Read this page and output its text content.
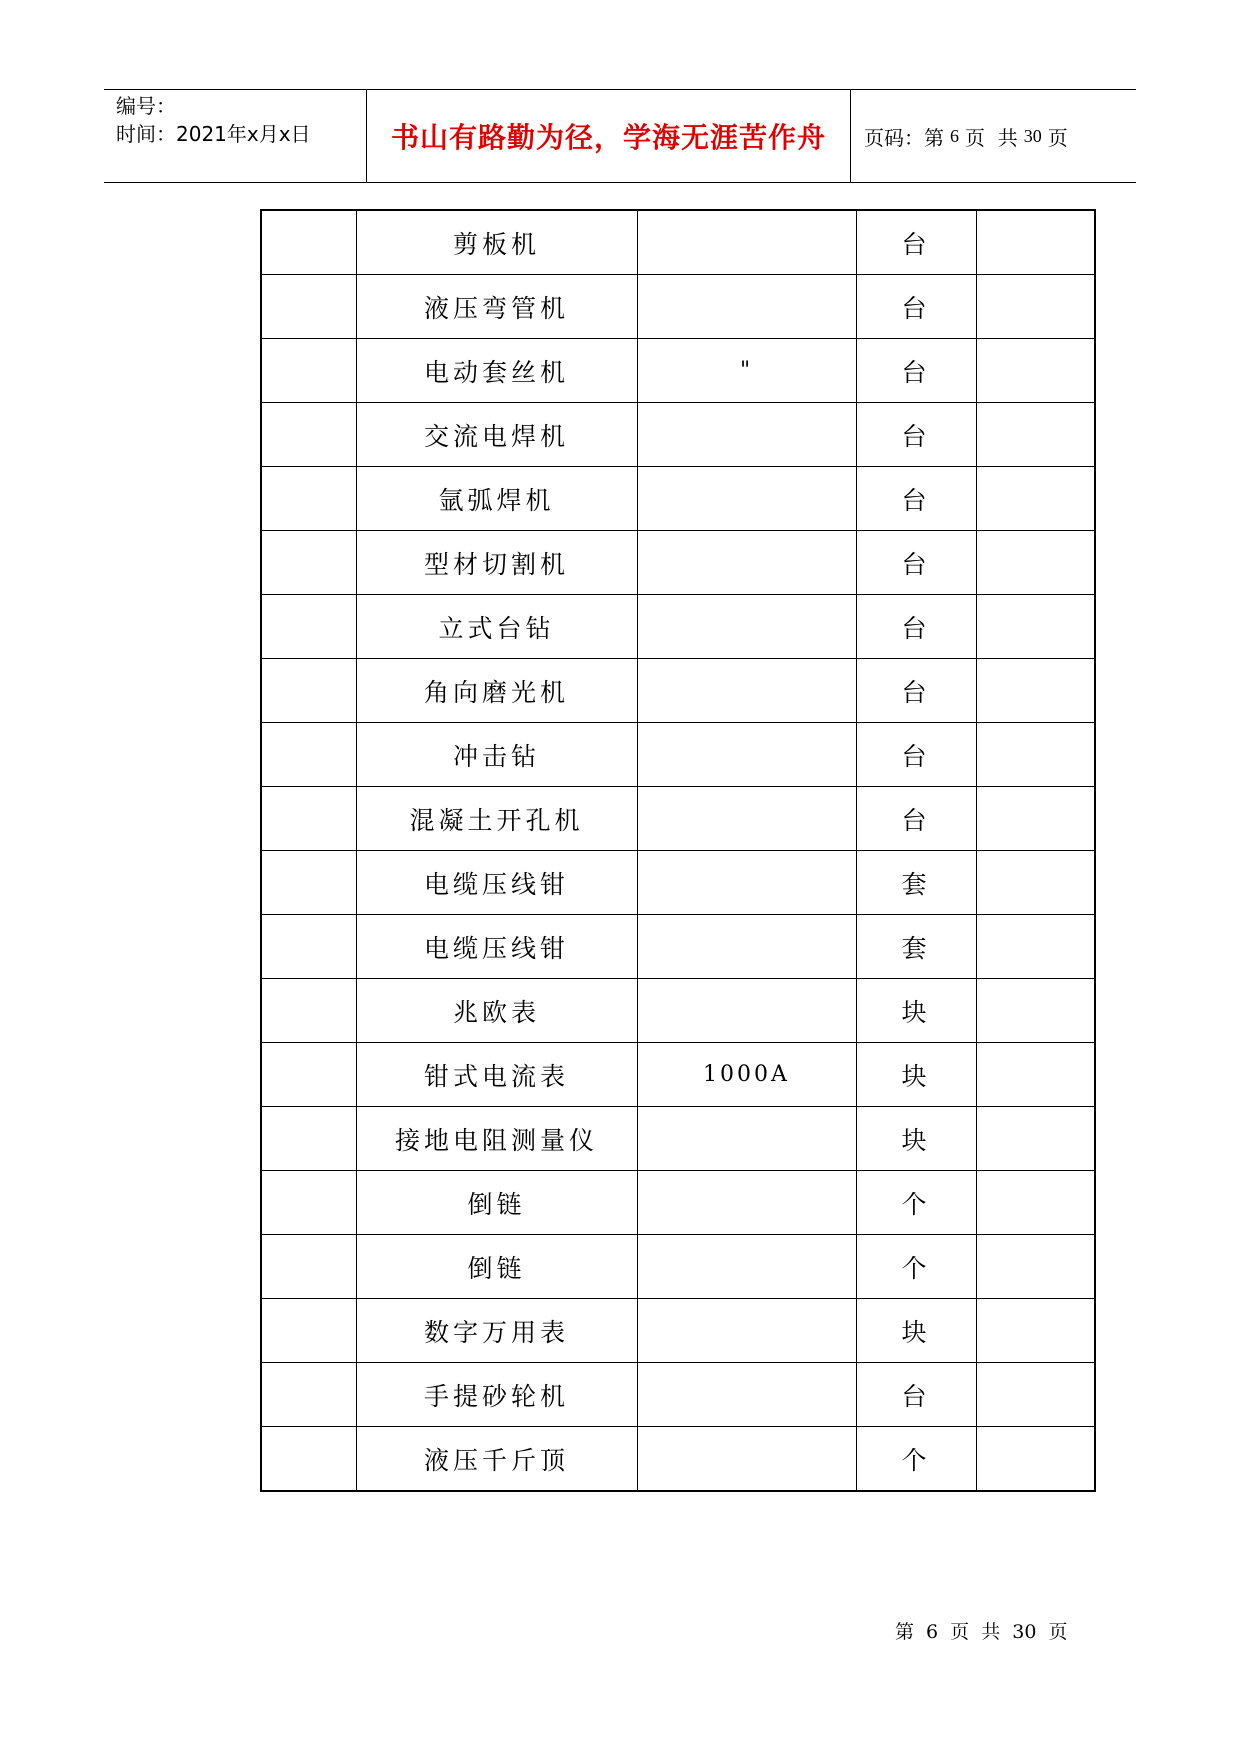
编号：
时间：2021年x月x日	书山有路勤为径，学海无涯苦作舟	页码：第 6 页  共 30 页
	剪板机		台	
	液压弯管机		台	
	电动套丝机	"	台	
	交流电焊机		台	
	氩弧焊机		台	
	型材切割机		台	
	立式台钻		台	
	角向磨光机		台	
	冲击钻		台	
	混凝土开孔机		台	
	电缆压线钳		套	
	电缆压线钳		套	
	兆欧表		块	
	钳式电流表	1000A	块	
	接地电阻测量仪		块	
	倒链		个	
	倒链		个	
	数字万用表		块	
	手提砂轮机		台	
	液压千斤顶		个	
第 6 页 共 30 页
